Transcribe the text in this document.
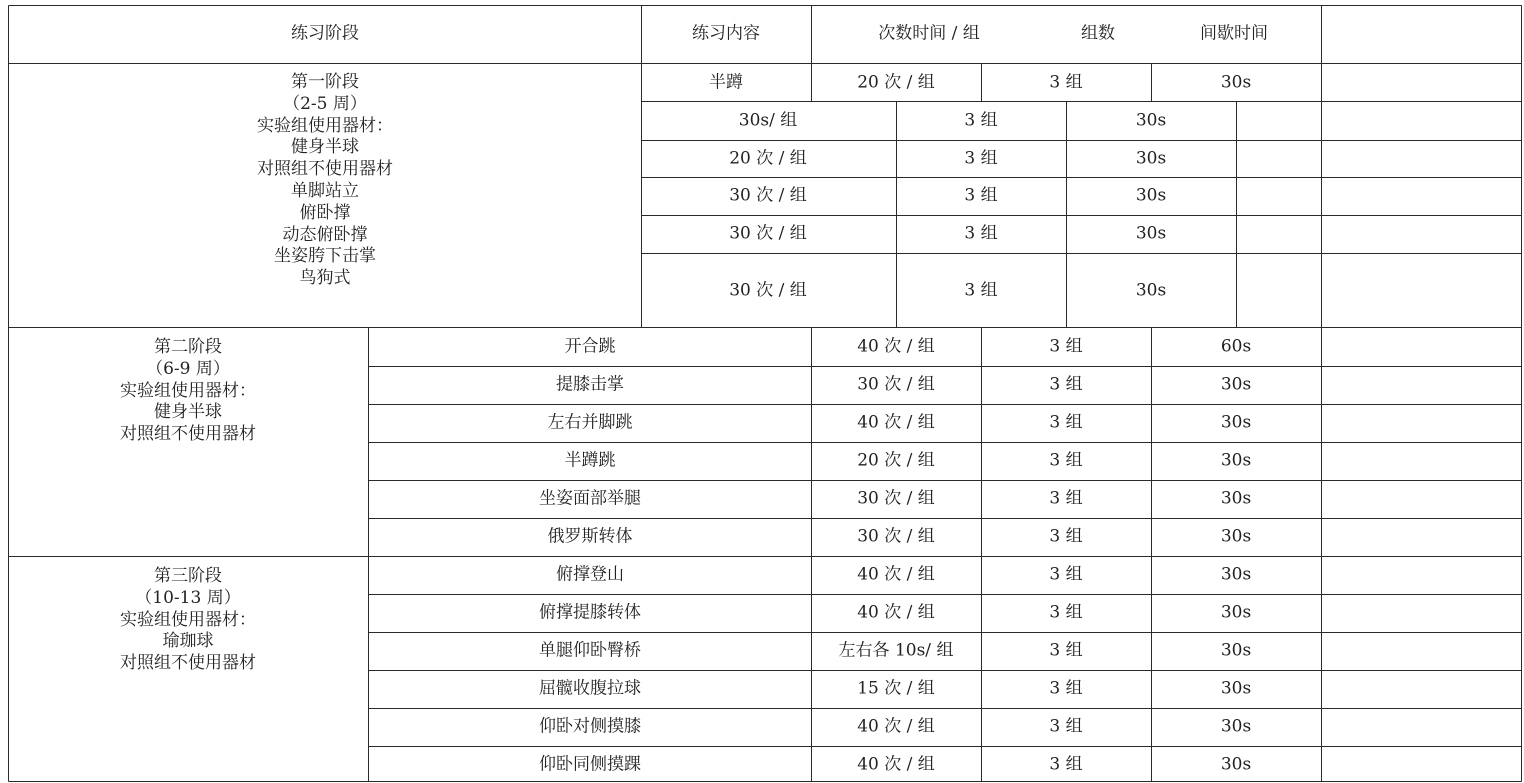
练习阶段	练习内容	次数时间 / 组	组数	间歇时间
第一阶段
（2-5 周）
实验组使用器材：
健身半球
对照组不使用器材
单脚站立
俯卧撑
动态俯卧撑
坐姿胯下击掌
鸟狗式
半蹲	20 次 / 组	3 组	30s
30s/ 组	3 组	30s
20 次 / 组	3 组	30s
30 次 / 组	3 组	30s
30 次 / 组	3 组	30s
30 次 / 组	3 组	30s
第二阶段
（6-9 周）
实验组使用器材：
健身半球
对照组不使用器材
开合跳	40 次 / 组	3 组	60s
提膝击掌	30 次 / 组	3 组	30s
左右并脚跳	40 次 / 组	3 组	30s
半蹲跳	20 次 / 组	3 组	30s
坐姿面部举腿	30 次 / 组	3 组	30s
俄罗斯转体	30 次 / 组	3 组	30s
第三阶段
（10-13 周）
实验组使用器材：
瑜珈球
对照组不使用器材
俯撑登山	40 次 / 组	3 组	30s
俯撑提膝转体	40 次 / 组	3 组	30s
单腿仰卧臀桥	左右各 10s/ 组	3 组	30s
屈髋收腹拉球	15 次 / 组	3 组	30s
仰卧对侧摸膝	40 次 / 组	3 组	30s
仰卧同侧摸踝	40 次 / 组	3 组	30s
